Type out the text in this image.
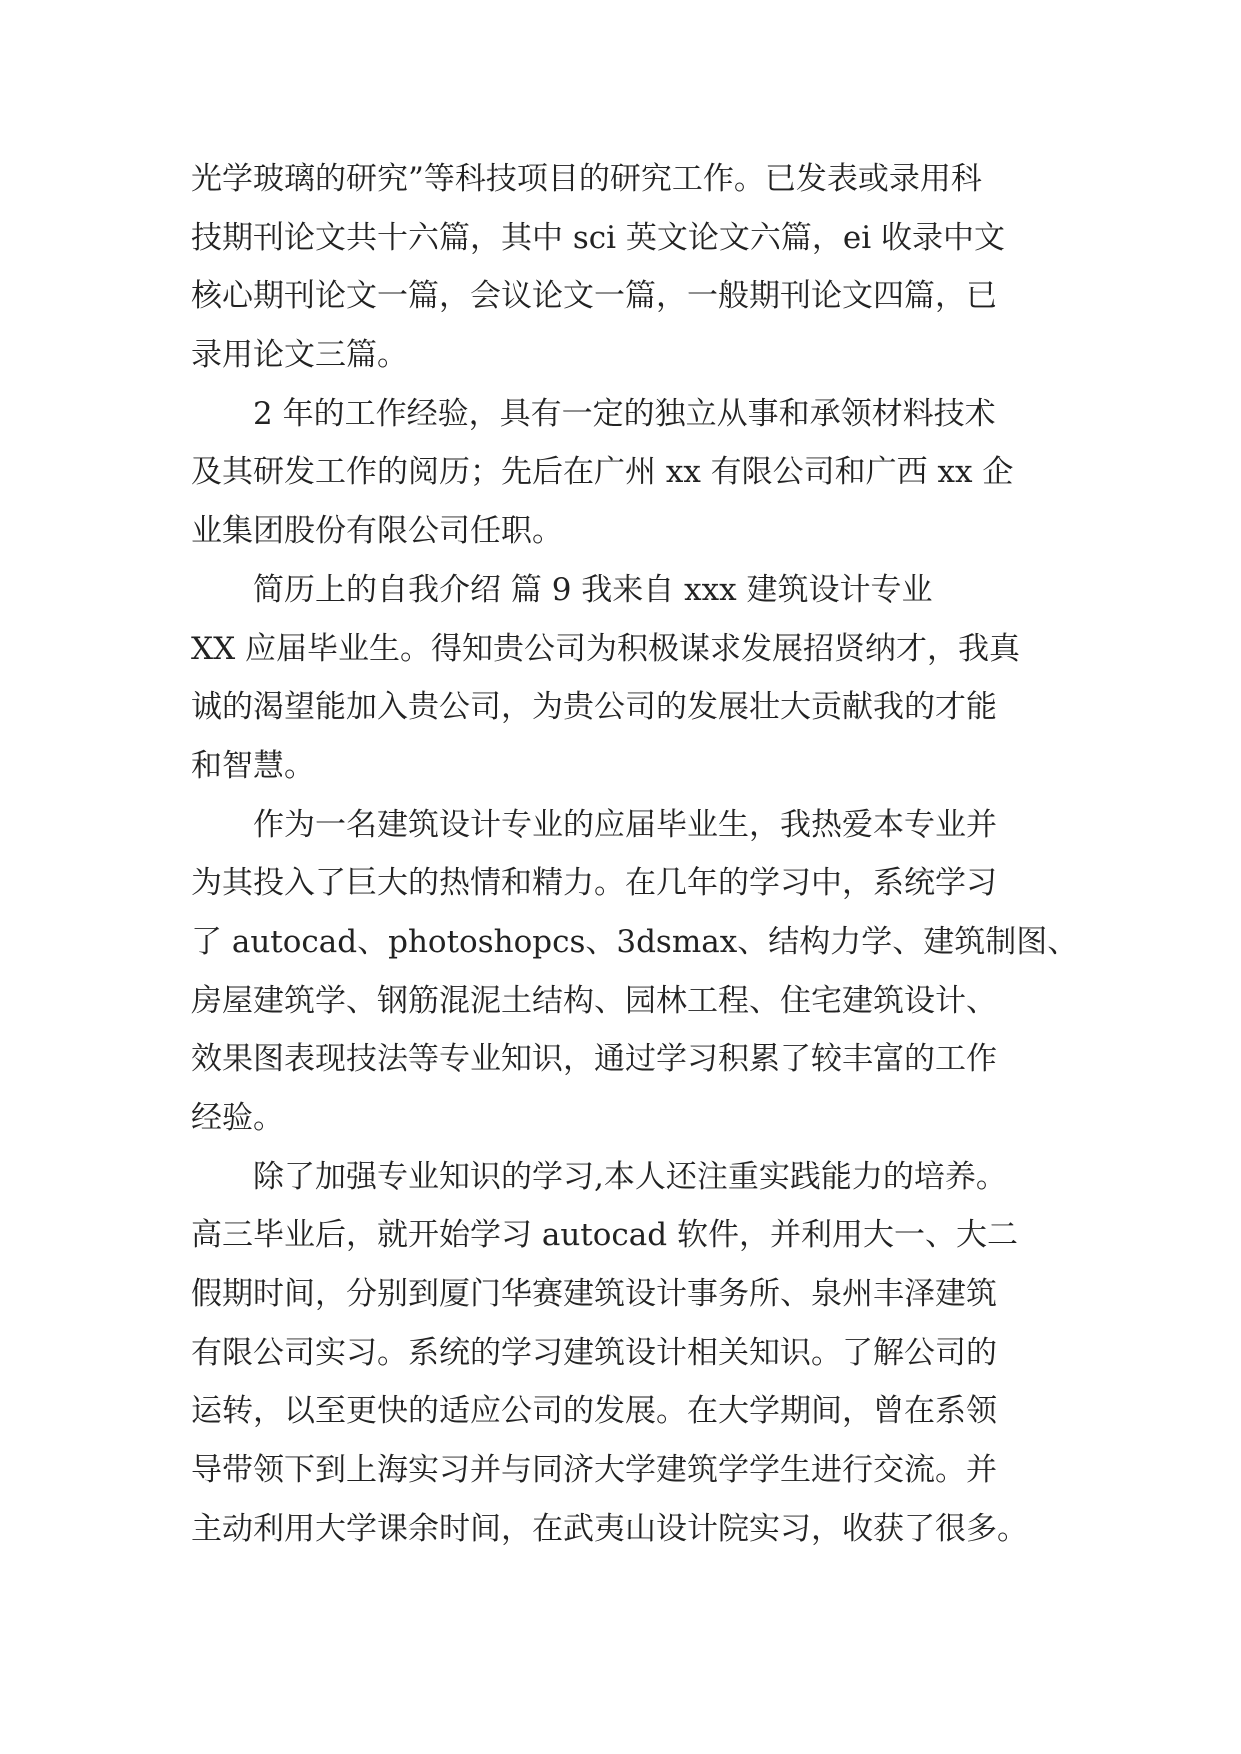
光学玻璃的研究”等科技项目的研究工作。已发表或录用科
技期刊论文共十六篇，其中 sci 英文论文六篇，ei 收录中文
核心期刊论文一篇，会议论文一篇，一般期刊论文四篇，已
录用论文三篇。
2 年的工作经验，具有一定的独立从事和承领材料技术
及其研发工作的阅历；先后在广州 xx 有限公司和广西 xx 企
业集团股份有限公司任职。
简历上的自我介绍 篇 9 我来自 xxx 建筑设计专业
XX 应届毕业生。得知贵公司为积极谋求发展招贤纳才，我真
诚的渴望能加入贵公司，为贵公司的发展壮大贡献我的才能
和智慧。
作为一名建筑设计专业的应届毕业生，我热爱本专业并
为其投入了巨大的热情和精力。在几年的学习中，系统学习
了 autocad、photoshopcs、3dsmax、结构力学、建筑制图、
房屋建筑学、钢筋混泥土结构、园林工程、住宅建筑设计、
效果图表现技法等专业知识，通过学习积累了较丰富的工作
经验。
除了加强专业知识的学习,本人还注重实践能力的培养。
高三毕业后，就开始学习 autocad 软件，并利用大一、大二
假期时间，分别到厦门华赛建筑设计事务所、泉州丰泽建筑
有限公司实习。系统的学习建筑设计相关知识。了解公司的
运转，以至更快的适应公司的发展。在大学期间，曾在系领
导带领下到上海实习并与同济大学建筑学学生进行交流。并
主动利用大学课余时间，在武夷山设计院实习，收获了很多。
